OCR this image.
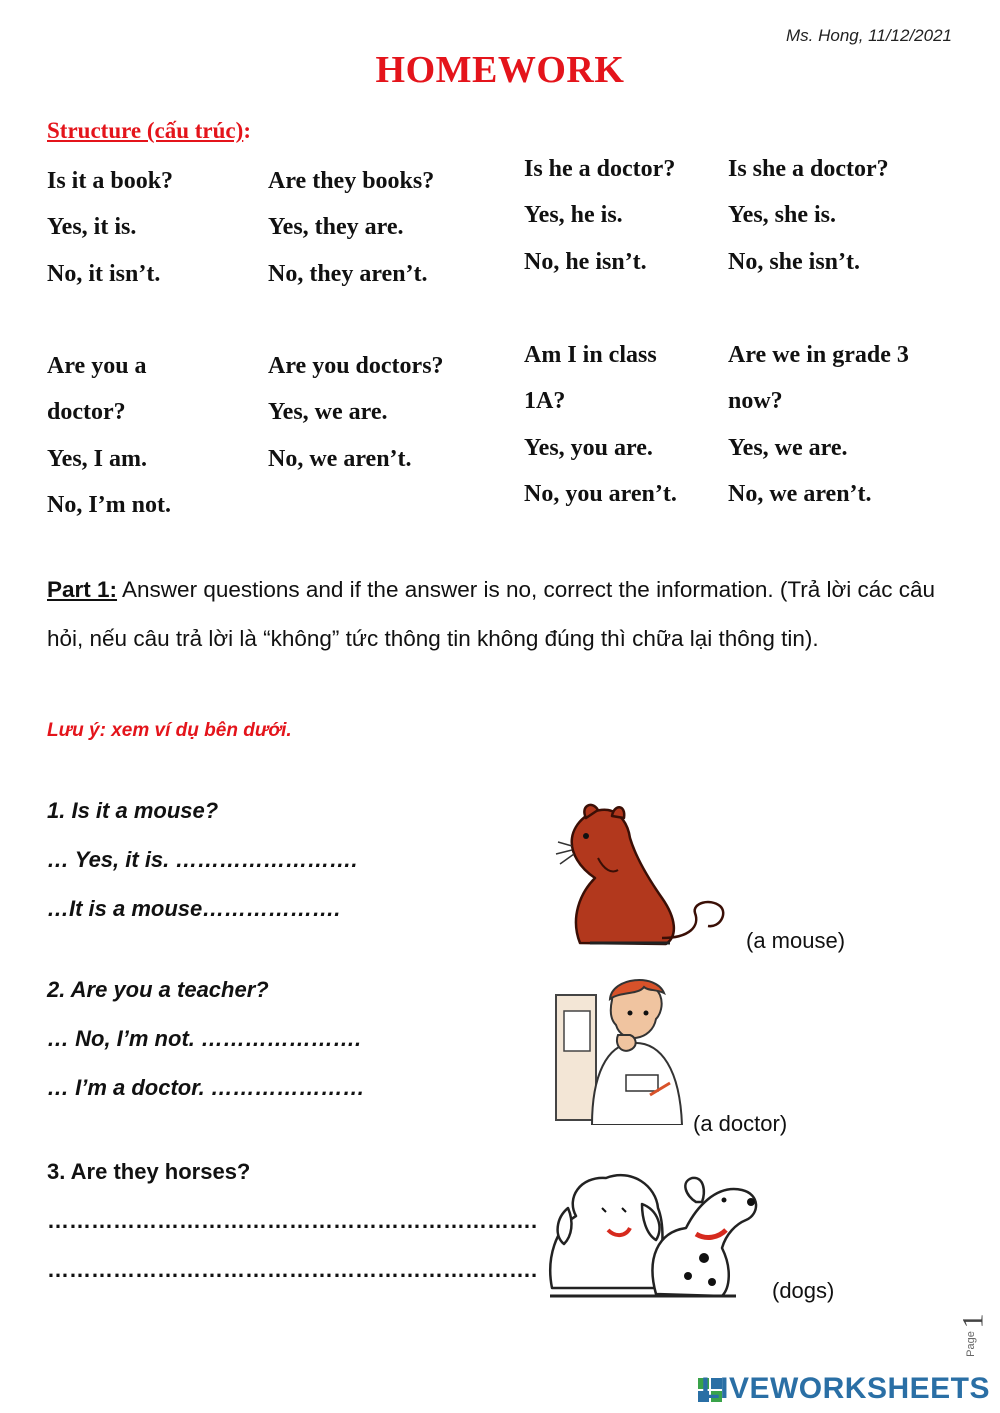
Ms. Hong, 11/12/2021
HOMEWORK
Structure (cấu trúc):
Is it a book?
Yes, it is.
No, it isn’t.
Are they books?
Yes, they are.
No, they aren’t.
Is he a doctor?
Yes, he is.
No, he isn’t.
Is she a doctor?
Yes, she is.
No, she isn’t.
Are you a
doctor?
Yes, I am.
No, I’m not.
Are you doctors?
Yes, we are.
No, we aren’t.
Am I in class
1A?
Yes, you are.
No, you aren’t.
Are we in grade 3
now?
Yes, we are.
No, we aren’t.
Part 1: Answer questions and if the answer is no, correct the information. (Trả lời các câu hỏi, nếu câu trả lời là “không” tức thông tin không đúng thì chữa lại thông tin).
Lưu ý: xem ví dụ bên dưới.
1. Is it a mouse?
… Yes, it is. …………………….
…It is a mouse……………….
2. Are you a teacher?
… No, I’m not. ………………….
… I’m a doctor. …………………
3. Are they horses?
………………………………………………………….
………………………………………………………….
(a mouse)
(a doctor)
(dogs)
Page
1
LIVEWORKSHEETS
